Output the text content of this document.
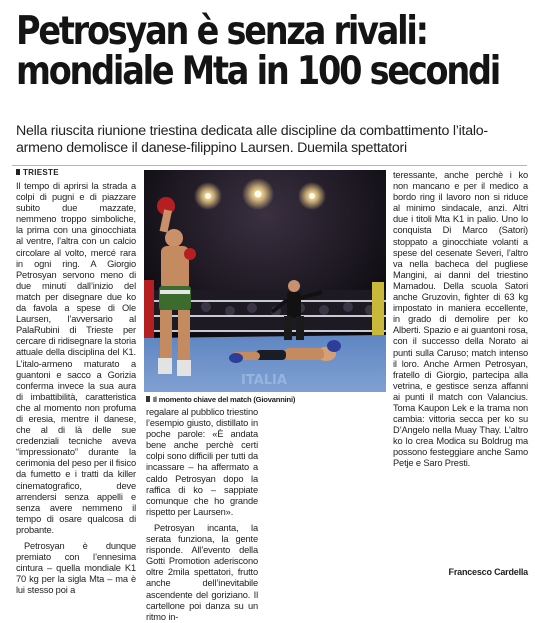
Petrosyan è senza rivali:
mondiale Mta in 100 secondi
Nella riuscita riunione triestina dedicata alle discipline da combattimento l’italo-armeno demolisce il danese-filippino Laursen. Duemila spettatori
TRIESTE

Il tempo di aprirsi la strada a colpi di pugni e di piazzare subito due mazzate, nemmeno troppo simboliche, la prima con una ginocchiata al ventre, l’altra con un calcio circolare al volto, mercé rara in ogni ring. A Giorgio Petrosyan servono meno di due minuti dall’inizio del match per disegnare due ko da favola a spese di Ole Laursen, l’avversario al PalaRubini di Trieste per cercare di ridisegnare la storia attuale della disciplina del K1. L’italo-armeno maturato a guantoni e sacco a Gorizia conferma invece la sua aura di imbattibilità, caratteristica che al momento non profuma di eresia, mentre il danese, che al di là delle sue credenziali tecniche aveva “impressionato” durante la cerimonia del peso per il fisico da fumetto e i tratti da killer cinematografico, deve arrendersi senza appelli e senza avere nemmeno il tempo di osare qualcosa di probante.

Petrosyan è dunque premiato con l’ennesima cintura – quella mondiale K1 70 kg per la sigla Mta – ma è lui stesso poi a

ITALIA
Il momento chiave del match (Giovannini)

regalare al pubblico triestino l’esempio giusto, distillato in poche parole: «È andata bene anche perchè certi colpi sono difficili per tutti da incassare – ha affermato a caldo Petrosyan dopo la raffica di ko – sappiate comunque che ho grande rispetto per Laursen».

Petrosyan incanta, la serata funziona, la gente risponde. All’evento della Gotti Promotion aderiscono oltre 2mila spettatori, frutto anche dell’inevitabile ascendente del goriziano. Il cartellone poi danza su un ritmo in-

teressante, anche perchè i ko non mancano e per il medico a bordo ring il lavoro non si riduce al minimo sindacale, anzi. Altri due i titoli Mta K1 in palio. Uno lo conquista Di Marco (Satori) stoppato a ginocchiate volanti a spese del cesenate Severi, l’altro va nella bacheca del pugliese Mangini, ai danni del triestino Mamadou. Della scuola Satori anche Gruzovin, fighter di 63 kg impostato in maniera eccellente, in grado di demolire per ko Alberti. Spazio e ai guantoni rosa, con il successo della Norato ai punti sulla Caruso; match intenso il loro. Anche Armen Petrosyan, fratello di Giorgio, partecipa alla vetrina, e gestisce senza affanni ai punti il match con Valancius. Toma Kaupon Lek e la trama non cambia: vittoria secca per ko su D’Angelo nella Muay Thay. L’altro ko lo crea Modica su Boldrug ma possono festeggiare anche Samo Petje e Saro Presti.

Francesco Cardella
